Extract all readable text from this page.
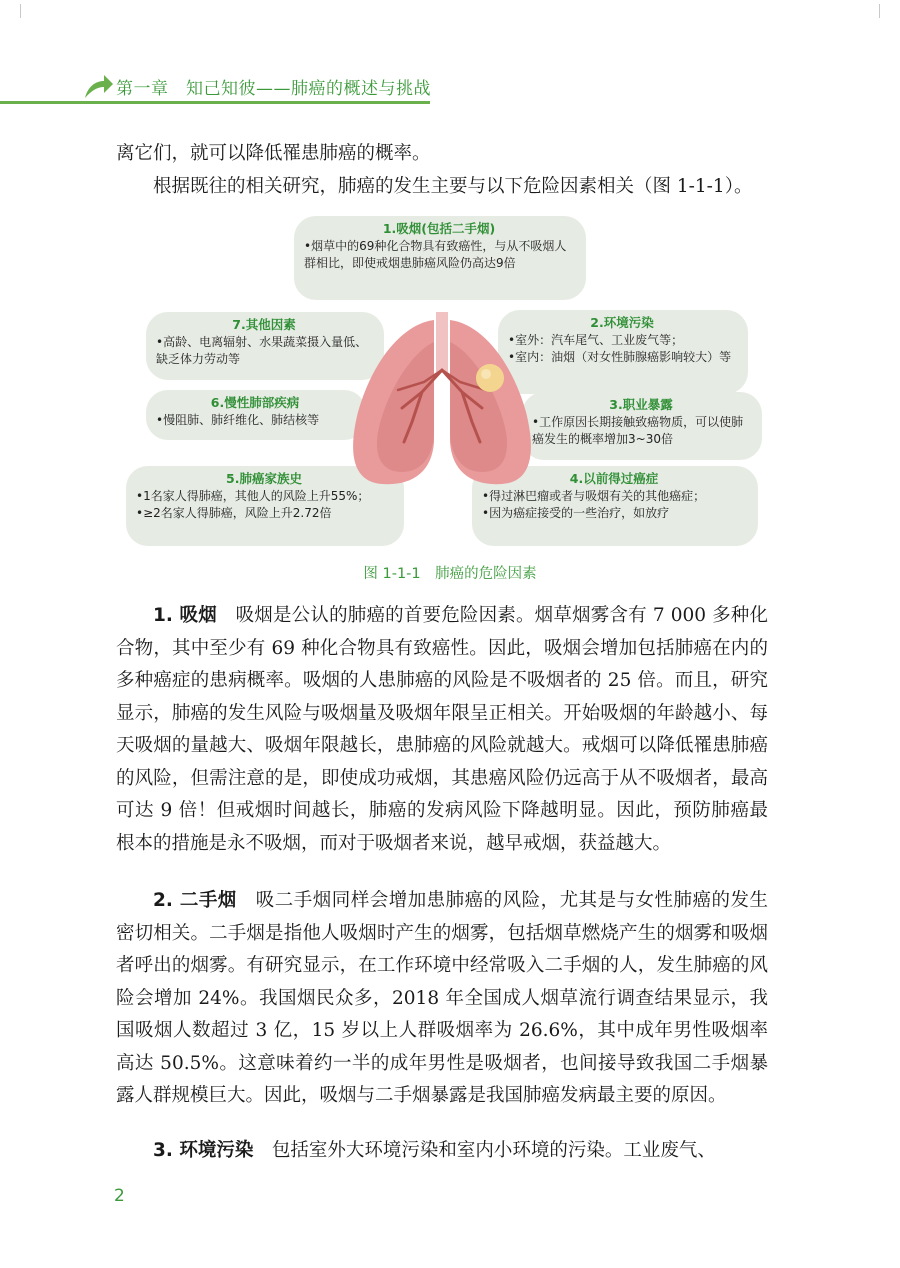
第一章　知己知彼——肺癌的概述与挑战
离它们，就可以降低罹患肺癌的概率。
根据既往的相关研究，肺癌的发生主要与以下危险因素相关（图 1-1-1）。
1.吸烟(包括二手烟)
•烟草中的69种化合物具有致癌性，与从不吸烟人群相比，即使戒烟患肺癌风险仍高达9倍
7.其他因素
•高龄、电离辐射、水果蔬菜摄入量低、缺乏体力劳动等
6.慢性肺部疾病
•慢阻肺、肺纤维化、肺结核等
5.肺癌家族史
•1名家人得肺癌，其他人的风险上升55%；
•≥2名家人得肺癌，风险上升2.72倍
2.环境污染
•室外：汽车尾气、工业废气等；
•室内：油烟（对女性肺腺癌影响较大）等
3.职业暴露
•工作原因长期接触致癌物质，可以使肺癌发生的概率增加3~30倍
4.以前得过癌症
•得过淋巴瘤或者与吸烟有关的其他癌症；
•因为癌症接受的一些治疗，如放疗
图 1-1-1　肺癌的危险因素
1. 吸烟　吸烟是公认的肺癌的首要危险因素。烟草烟雾含有 7 000 多种化合物，其中至少有 69 种化合物具有致癌性。因此，吸烟会增加包括肺癌在内的多种癌症的患病概率。吸烟的人患肺癌的风险是不吸烟者的 25 倍。而且，研究显示，肺癌的发生风险与吸烟量及吸烟年限呈正相关。开始吸烟的年龄越小、每天吸烟的量越大、吸烟年限越长，患肺癌的风险就越大。戒烟可以降低罹患肺癌的风险，但需注意的是，即使成功戒烟，其患癌风险仍远高于从不吸烟者，最高可达 9 倍！但戒烟时间越长，肺癌的发病风险下降越明显。因此，预防肺癌最根本的措施是永不吸烟，而对于吸烟者来说，越早戒烟，获益越大。
2. 二手烟　吸二手烟同样会增加患肺癌的风险，尤其是与女性肺癌的发生密切相关。二手烟是指他人吸烟时产生的烟雾，包括烟草燃烧产生的烟雾和吸烟者呼出的烟雾。有研究显示，在工作环境中经常吸入二手烟的人，发生肺癌的风险会增加 24%。我国烟民众多，2018 年全国成人烟草流行调查结果显示，我国吸烟人数超过 3 亿，15 岁以上人群吸烟率为 26.6%，其中成年男性吸烟率高达 50.5%。这意味着约一半的成年男性是吸烟者，也间接导致我国二手烟暴露人群规模巨大。因此，吸烟与二手烟暴露是我国肺癌发病最主要的原因。
3. 环境污染　包括室外大环境污染和室内小环境的污染。工业废气、
2
